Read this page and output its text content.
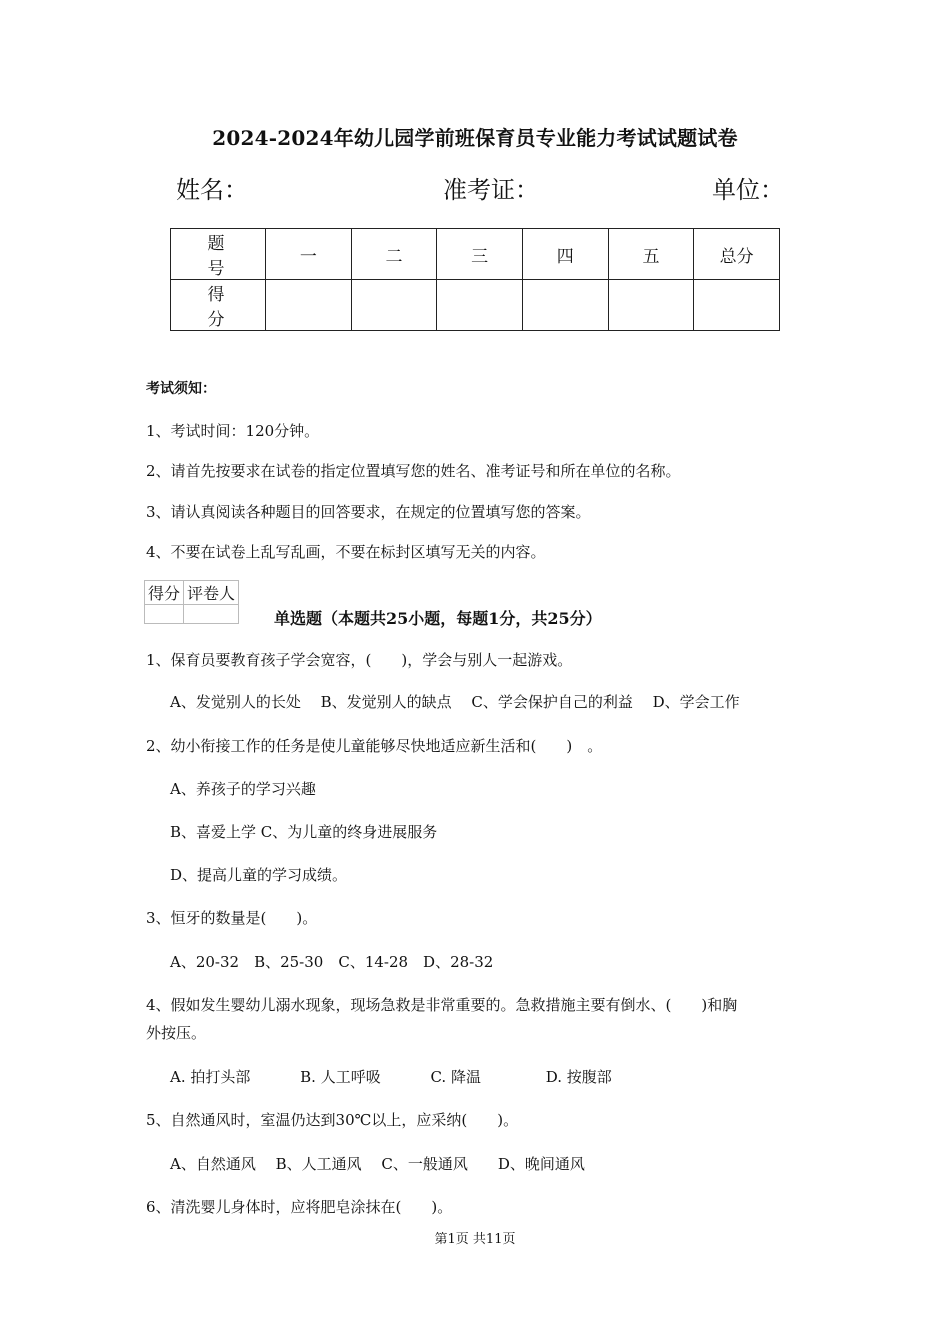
2024-2024年幼儿园学前班保育员专业能力考试试题试卷
姓名：	准考证：	单位：
题　号	一	二	三	四	五	总分
得　分						
考试须知：
1、考试时间：120分钟。
2、请首先按要求在试卷的指定位置填写您的姓名、准考证号和所在单位的名称。
3、请认真阅读各种题目的回答要求，在规定的位置填写您的答案。
4、不要在试卷上乱写乱画，不要在标封区填写无关的内容。
得分	评卷人

单选题（本题共25小题，每题1分，共25分）
1、保育员要教育孩子学会宽容，(　　)，学会与别人一起游戏。
A、发觉别人的长处　 B、发觉别人的缺点　 C、学会保护自己的利益　 D、学会工作
2、幼小衔接工作的任务是使儿童能够尽快地适应新生活和(　　)　。
A、养孩子的学习兴趣
B、喜爱上学 C、为儿童的终身进展服务
D、提高儿童的学习成绩。
3、恒牙的数量是(　　)。
A、20-32　B、25-30　C、14-28　D、28-32
4、假如发生婴幼儿溺水现象，现场急救是非常重要的。急救措施主要有倒水、(　　)和胸
外按压。
A. 拍打头部　　　 B. 人工呼吸　　　 C. 降温　　　　 D. 按腹部
5、自然通风时，室温仍达到30℃以上，应采纳(　　)。
A、自然通风　 B、人工通风　 C、一般通风　　D、晚间通风
6、清洗婴儿身体时，应将肥皂涂抹在(　　)。
第1页 共11页
